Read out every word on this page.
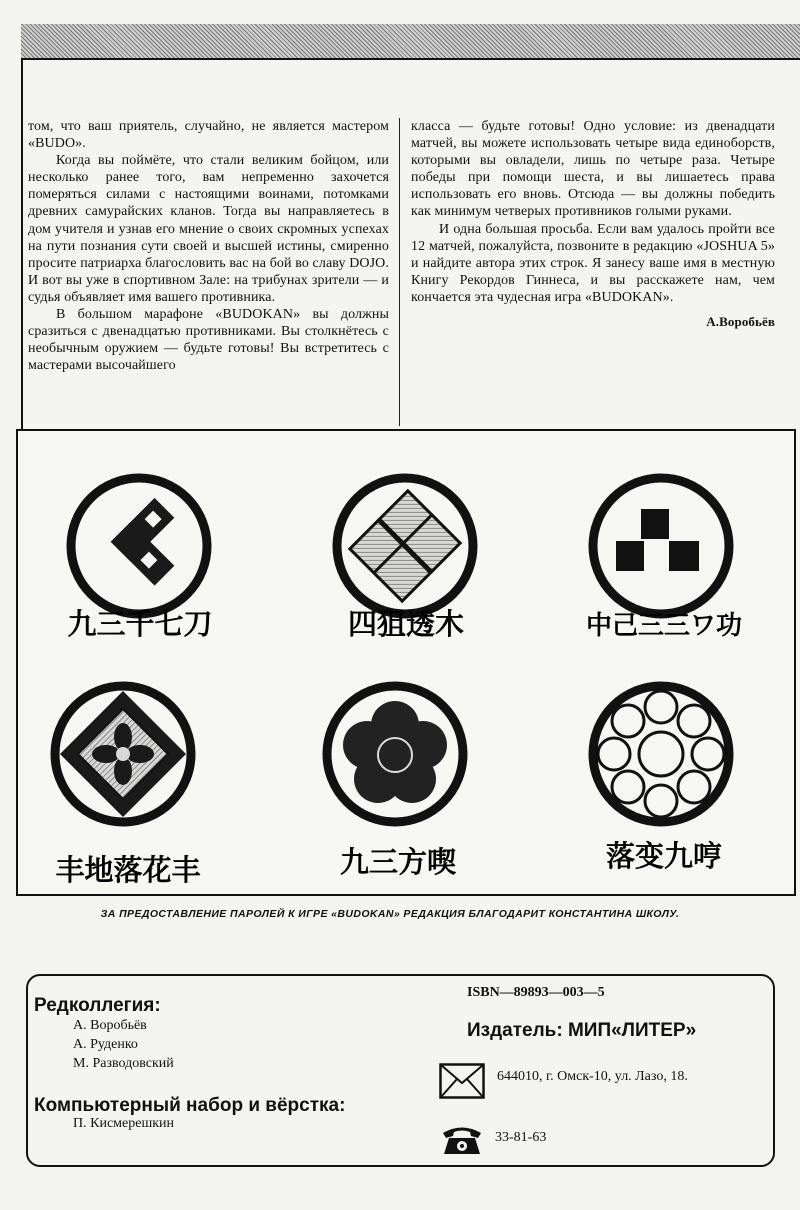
том, что ваш приятель, случайно, не является мастером «BUDO».

Когда вы поймёте, что стали великим бойцом, или несколько ранее того, вам непременно захочется померяться силами с настоящими воинами, потомками древних самурайских кланов. Тогда вы направляетесь в дом учителя и узнав его мнение о своих скромных успехах на пути познания сути своей и высшей истины, смиренно просите патриарха благословить вас на бой во славу DOJO. И вот вы уже в спортивном Зале: на трибунах зрители — и судья объявляет имя вашего противника.

В большом марафоне «BUDOKAN» вы должны сразиться с двенадцатью противниками. Вы столкнётесь с необычным оружием — будьте готовы! Вы встретитесь с мастерами высочайшего

класса — будьте готовы! Одно условие: из двенадцати матчей, вы можете использовать четыре вида единоборств, которыми вы овладели, лишь по четыре раза. Четыре победы при помощи шеста, и вы лишаетесь права использовать его вновь. Отсюда — вы должны победить как минимум четверых противников голыми руками.

И одна большая просьба. Если вам удалось пройти все 12 матчей, пожалуйста, позвоните в редакцию «JOSHUA 5» и найдите автора этих строк. Я занесу ваше имя в местную Книгу Рекордов Гиннеса, и вы расскажете нам, чем кончается эта чудесная игра «BUDOKAN».

А.Воробьёв
九三千七刀	四狙透木	中己三三ワ功
丰地落花丰	九三方喫	落变九哼
ЗА ПРЕДОСТАВЛЕНИЕ ПАРОЛЕЙ К ИГРЕ «BUDOKAN» РЕДАКЦИЯ БЛАГОДАРИТ КОНСТАНТИНА ШКОЛУ.
Редколлегия:
А. Воробьёв
А. Руденко
М. Разводовский
Компьютерный набор и вёрстка:
П. Кисмерешкин
ISBN—89893—003—5
Издатель: МИП«ЛИТЕР»
644010, г. Омск-10, ул. Лазо, 18.
33-81-63
